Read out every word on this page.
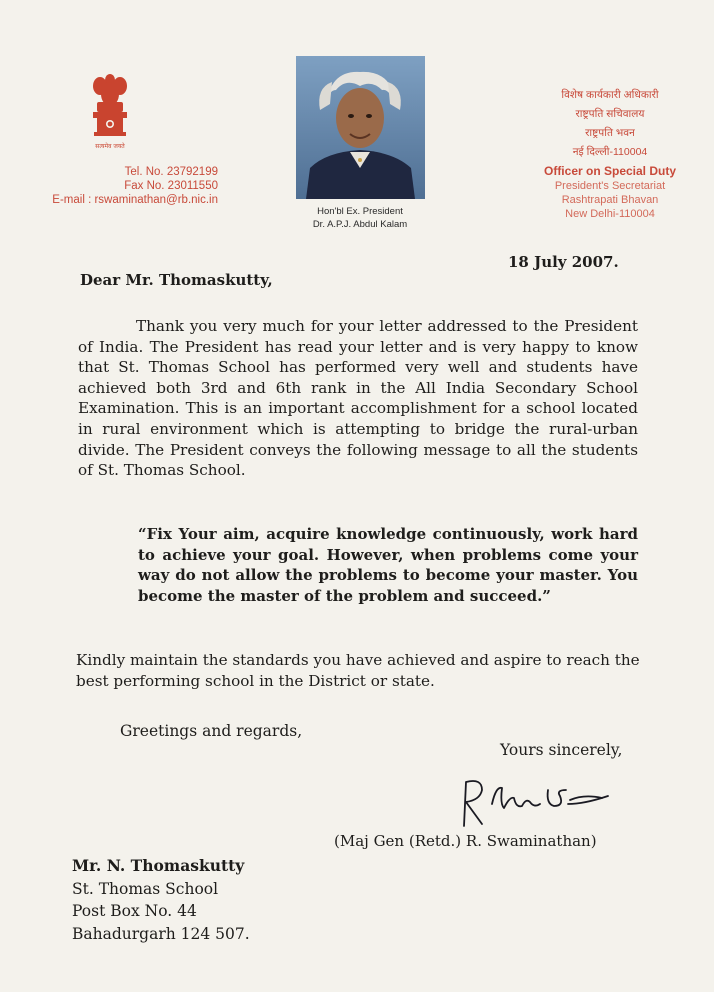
सत्यमेव जयते
Tel. No. 23792199
Fax No. 23011550
E-mail : rswaminathan@rb.nic.in
Hon'bl Ex. President
Dr. A.P.J. Abdul Kalam
विशेष कार्यकारी अधिकारी
राष्ट्रपति सचिवालय
राष्ट्रपति भवन
नई दिल्ली-110004
Officer on Special Duty
President's Secretariat
Rashtrapati Bhavan
New Delhi-110004
18 July 2007.
Dear Mr. Thomaskutty,
Thank you very much for your letter addressed to the President of India. The President has read your letter and is very happy to know that St. Thomas School has performed very well and students have achieved both 3rd and 6th rank in the All India Secondary School Examination. This is an important accomplishment for a school located in rural environment which is attempting to bridge the rural-urban divide. The President conveys the following message to all the students of St. Thomas School.
“Fix Your aim, acquire knowledge continuously, work hard to achieve your goal. However, when problems come your way do not allow the problems to become your master. You become the master of the problem and succeed.”
Kindly maintain the standards you have achieved and aspire to reach the best performing school in the District or state.
Greetings and regards,
Yours sincerely,
(Maj Gen (Retd.) R. Swaminathan)
Mr. N. Thomaskutty
St. Thomas School
Post Box No. 44
Bahadurgarh 124 507.
